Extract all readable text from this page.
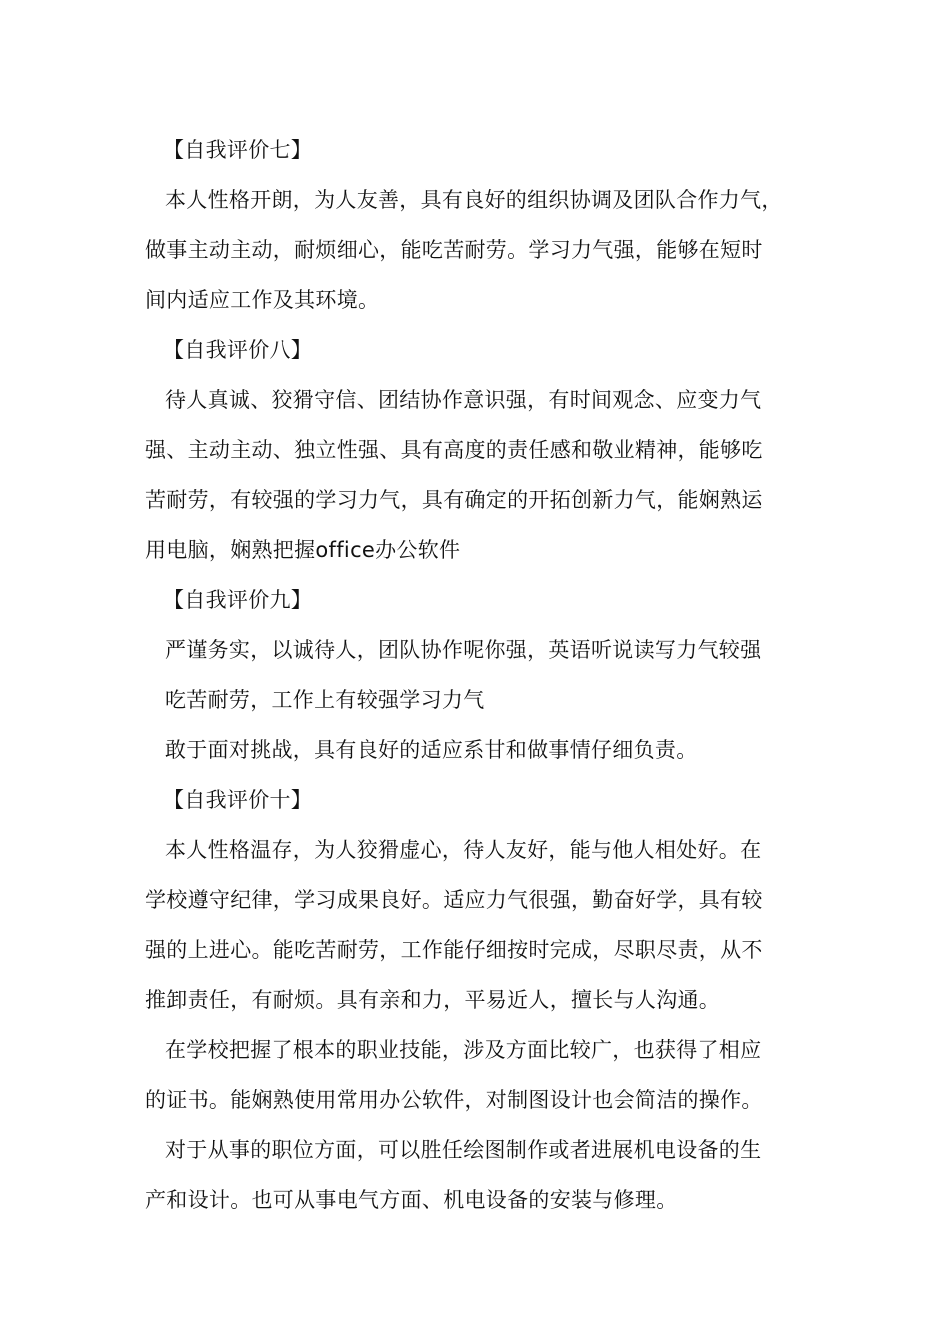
【自我评价七】
本人性格开朗，为人友善，具有良好的组织协调及团队合作力气，
做事主动主动，耐烦细心，能吃苦耐劳。学习力气强，能够在短时
间内适应工作及其环境。
【自我评价八】
待人真诚、狡猾守信、团结协作意识强，有时间观念、应变力气
强、主动主动、独立性强、具有高度的责任感和敬业精神，能够吃
苦耐劳，有较强的学习力气，具有确定的开拓创新力气，能娴熟运
用电脑，娴熟把握office办公软件
【自我评价九】
严谨务实，以诚待人，团队协作呢你强，英语听说读写力气较强
吃苦耐劳，工作上有较强学习力气
敢于面对挑战，具有良好的适应系甘和做事情仔细负责。
【自我评价十】
本人性格温存，为人狡猾虚心，待人友好，能与他人相处好。在
学校遵守纪律，学习成果良好。适应力气很强，勤奋好学，具有较
强的上进心。能吃苦耐劳，工作能仔细按时完成，尽职尽责，从不
推卸责任，有耐烦。具有亲和力，平易近人，擅长与人沟通。
在学校把握了根本的职业技能，涉及方面比较广，也获得了相应
的证书。能娴熟使用常用办公软件，对制图设计也会简洁的操作。
对于从事的职位方面，可以胜任绘图制作或者进展机电设备的生
产和设计。也可从事电气方面、机电设备的安装与修理。
